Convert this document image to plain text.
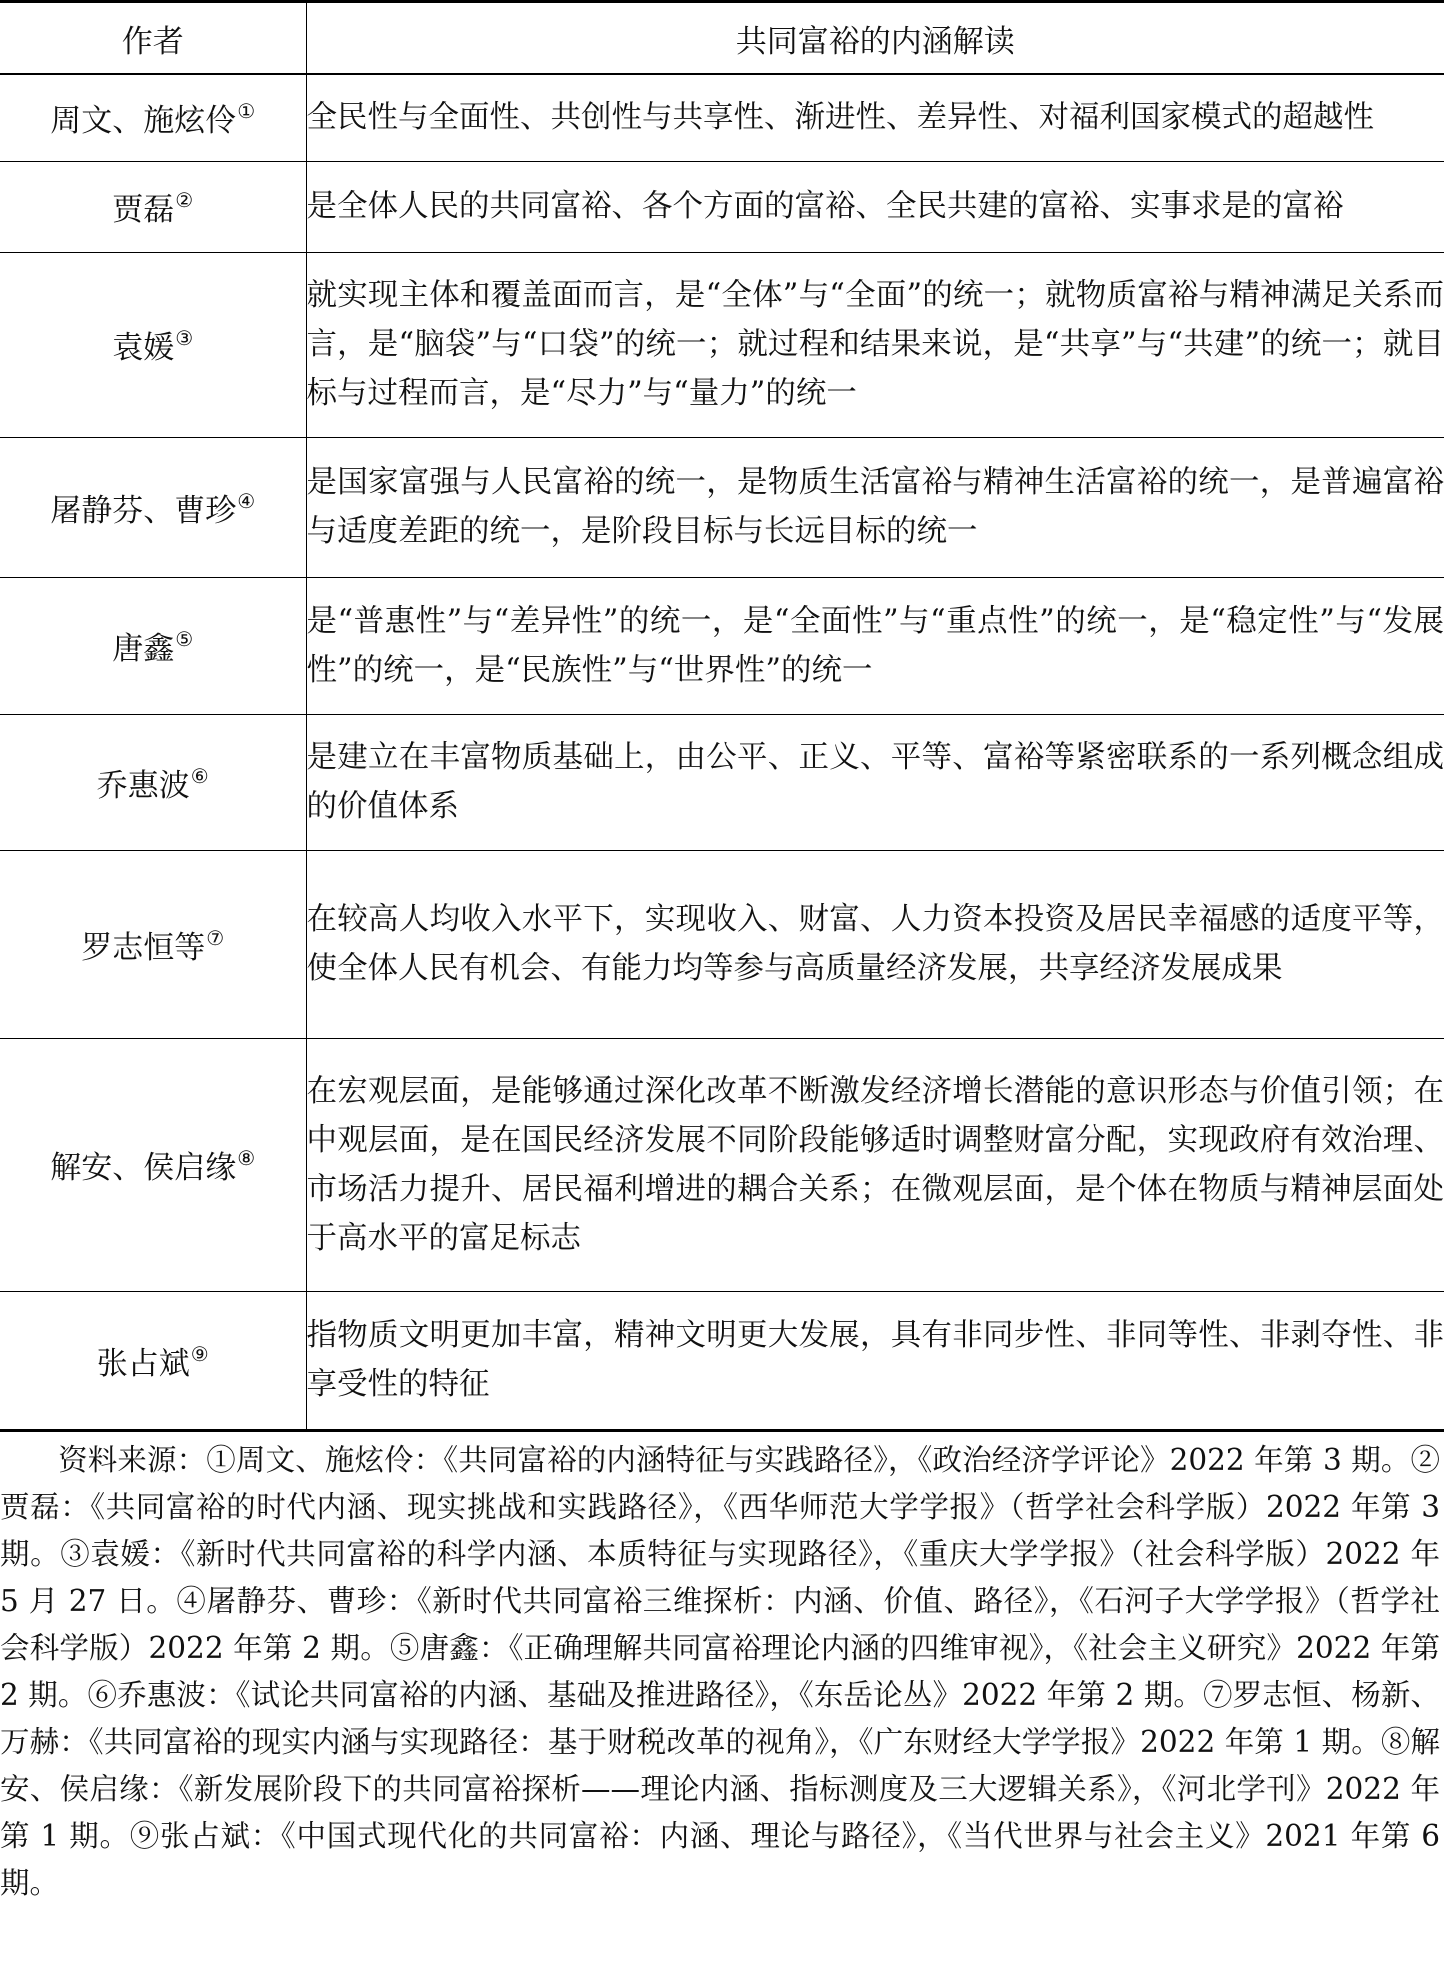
作者	共同富裕的内涵解读
周文、施炫伶①	全民性与全面性、共创性与共享性、渐进性、差异性、对福利国家模式的超越性
贾磊②	是全体人民的共同富裕、各个方面的富裕、全民共建的富裕、实事求是的富裕
袁媛③	就实现主体和覆盖面而言，是“全体”与“全面”的统一；就物质富裕与精神满足关系而言，是“脑袋”与“口袋”的统一；就过程和结果来说，是“共享”与“共建”的统一；就目标与过程而言，是“尽力”与“量力”的统一
屠静芬、曹珍④	是国家富强与人民富裕的统一，是物质生活富裕与精神生活富裕的统一，是普遍富裕与适度差距的统一，是阶段目标与长远目标的统一
唐鑫⑤	是“普惠性”与“差异性”的统一，是“全面性”与“重点性”的统一，是“稳定性”与“发展性”的统一，是“民族性”与“世界性”的统一
乔惠波⑥	是建立在丰富物质基础上，由公平、正义、平等、富裕等紧密联系的一系列概念组成的价值体系
罗志恒等⑦	在较高人均收入水平下，实现收入、财富、人力资本投资及居民幸福感的适度平等，使全体人民有机会、有能力均等参与高质量经济发展，共享经济发展成果
解安、侯启缘⑧	在宏观层面，是能够通过深化改革不断激发经济增长潜能的意识形态与价值引领；在中观层面，是在国民经济发展不同阶段能够适时调整财富分配，实现政府有效治理、市场活力提升、居民福利增进的耦合关系；在微观层面，是个体在物质与精神层面处于高水平的富足标志
张占斌⑨	指物质文明更加丰富，精神文明更大发展，具有非同步性、非同等性、非剥夺性、非享受性的特征
资料来源：①周文、施炫伶：《共同富裕的内涵特征与实践路径》，《政治经济学评论》2022 年第 3 期。②贾磊：《共同富裕的时代内涵、现实挑战和实践路径》，《西华师范大学学报》（哲学社会科学版）2022 年第 3 期。③袁媛：《新时代共同富裕的科学内涵、本质特征与实现路径》，《重庆大学学报》（社会科学版）2022 年 5 月 27 日。④屠静芬、曹珍：《新时代共同富裕三维探析：内涵、价值、路径》，《石河子大学学报》（哲学社会科学版）2022 年第 2 期。⑤唐鑫：《正确理解共同富裕理论内涵的四维审视》，《社会主义研究》2022 年第 2 期。⑥乔惠波：《试论共同富裕的内涵、基础及推进路径》，《东岳论丛》2022 年第 2 期。⑦罗志恒、杨新、万赫：《共同富裕的现实内涵与实现路径：基于财税改革的视角》，《广东财经大学学报》2022 年第 1 期。⑧解安、侯启缘：《新发展阶段下的共同富裕探析——理论内涵、指标测度及三大逻辑关系》，《河北学刊》2022 年第 1 期。⑨张占斌：《中国式现代化的共同富裕：内涵、理论与路径》，《当代世界与社会主义》2021 年第 6 期。
